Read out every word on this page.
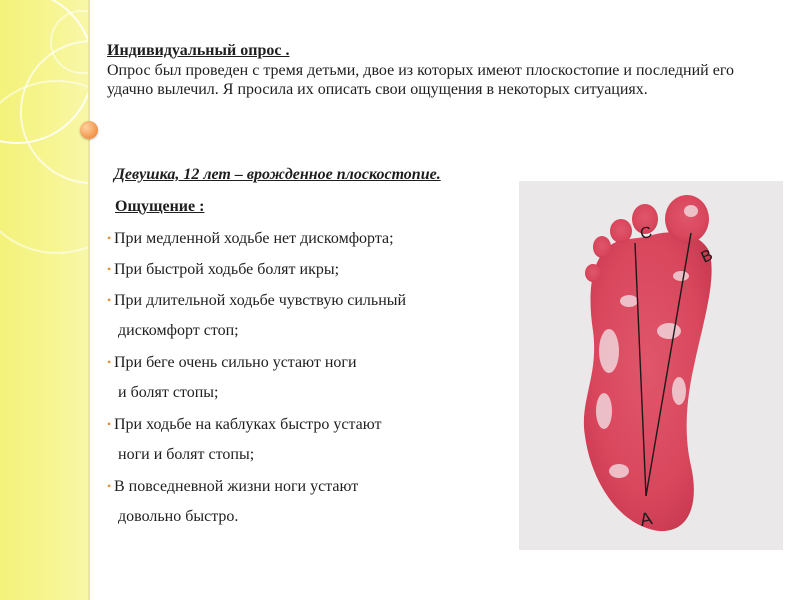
Индивидуальный опрос .
Опрос был проведен с тремя детьми, двое из которых имеют плоскостопие и последний его удачно вылечил. Я просила их описать свои ощущения в некоторых ситуациях.
Девушка, 12 лет – врожденное плоскостопие.
Ощущение :
• При медленной ходьбе нет дискомфорта;
• При быстрой ходьбе болят икры;
• При длительной ходьбе чувствую сильный
дискомфорт стоп;
• При беге очень сильно устают ноги
и болят стопы;
• При ходьбе на каблуках быстро устают
ноги и болят стопы;
• В повседневной жизни ноги устают
довольно быстро.	A
B
C
